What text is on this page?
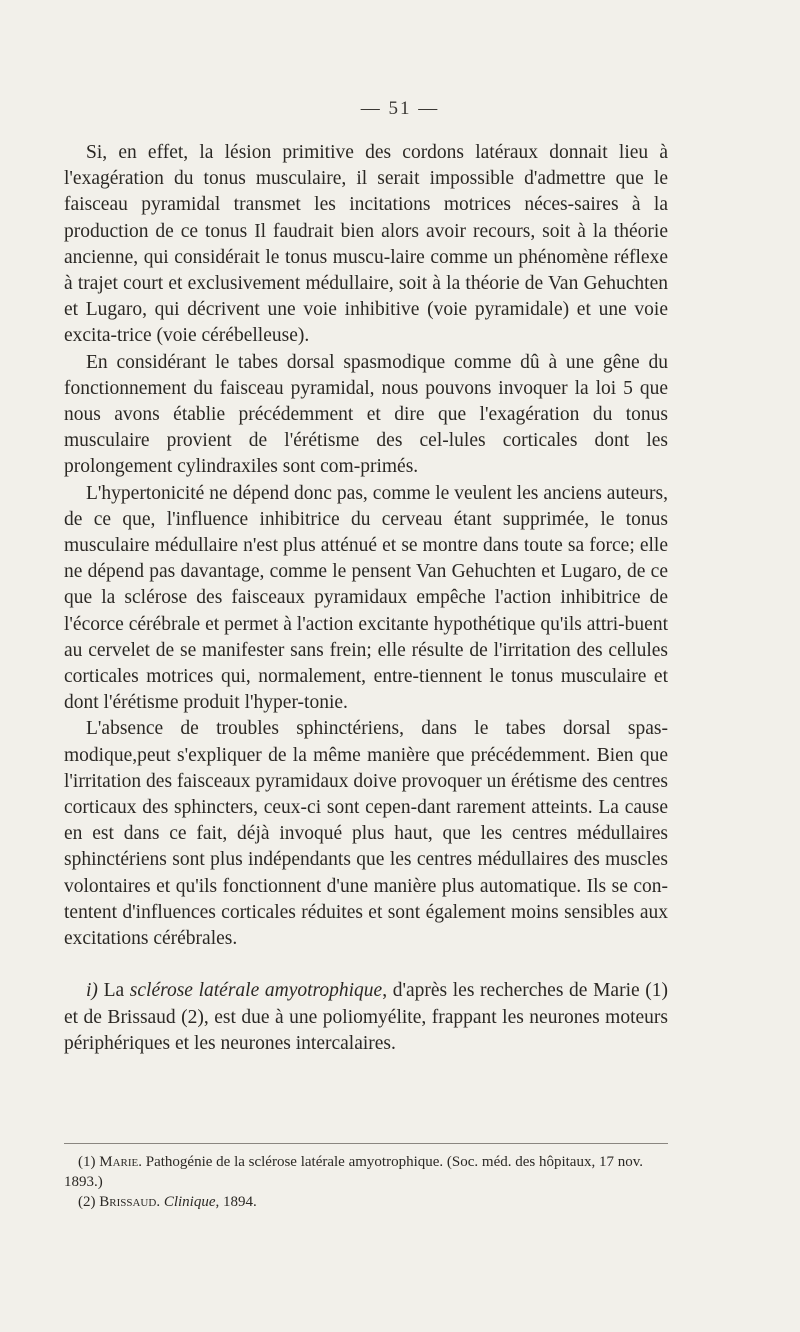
— 51 —

Si, en effet, la lésion primitive des cordons latéraux donnait lieu à l'exagération du tonus musculaire, il serait impossible d'admettre que le faisceau pyramidal transmet les incitations motrices néces-saires à la production de ce tonus Il faudrait bien alors avoir recours, soit à la théorie ancienne, qui considérait le tonus muscu-laire comme un phénomène réflexe à trajet court et exclusivement médullaire, soit à la théorie de Van Gehuchten et Lugaro, qui décrivent une voie inhibitive (voie pyramidale) et une voie excita-trice (voie cérébelleuse).

En considérant le tabes dorsal spasmodique comme dû à une gêne du fonctionnement du faisceau pyramidal, nous pouvons invoquer la loi 5 que nous avons établie précédemment et dire que l'exagération du tonus musculaire provient de l'érétisme des cel-lules corticales dont les prolongement cylindraxiles sont com-primés.

L'hypertonicité ne dépend donc pas, comme le veulent les anciens auteurs, de ce que, l'influence inhibitrice du cerveau étant supprimée, le tonus musculaire médullaire n'est plus atténué et se montre dans toute sa force; elle ne dépend pas davantage, comme le pensent Van Gehuchten et Lugaro, de ce que la sclérose des faisceaux pyramidaux empêche l'action inhibitrice de l'écorce cérébrale et permet à l'action excitante hypothétique qu'ils attri-buent au cervelet de se manifester sans frein; elle résulte de l'irritation des cellules corticales motrices qui, normalement, entre-tiennent le tonus musculaire et dont l'érétisme produit l'hyper-tonie.

L'absence de troubles sphinctériens, dans le tabes dorsal spas-modique,peut s'expliquer de la même manière que précédemment. Bien que l'irritation des faisceaux pyramidaux doive provoquer un érétisme des centres corticaux des sphincters, ceux-ci sont cepen-dant rarement atteints. La cause en est dans ce fait, déjà invoqué plus haut, que les centres médullaires sphinctériens sont plus indépendants que les centres médullaires des muscles volontaires et qu'ils fonctionnent d'une manière plus automatique. Ils se con-tentent d'influences corticales réduites et sont également moins sensibles aux excitations cérébrales.

i) La sclérose latérale amyotrophique, d'après les recherches de Marie (1) et de Brissaud (2), est due à une poliomyélite, frappant les neurones moteurs périphériques et les neurones intercalaires.

(1) Marie. Pathogénie de la sclérose latérale amyotrophique. (Soc. méd. des hôpitaux, 17 nov. 1893.)

(2) Brissaud. Clinique, 1894.
